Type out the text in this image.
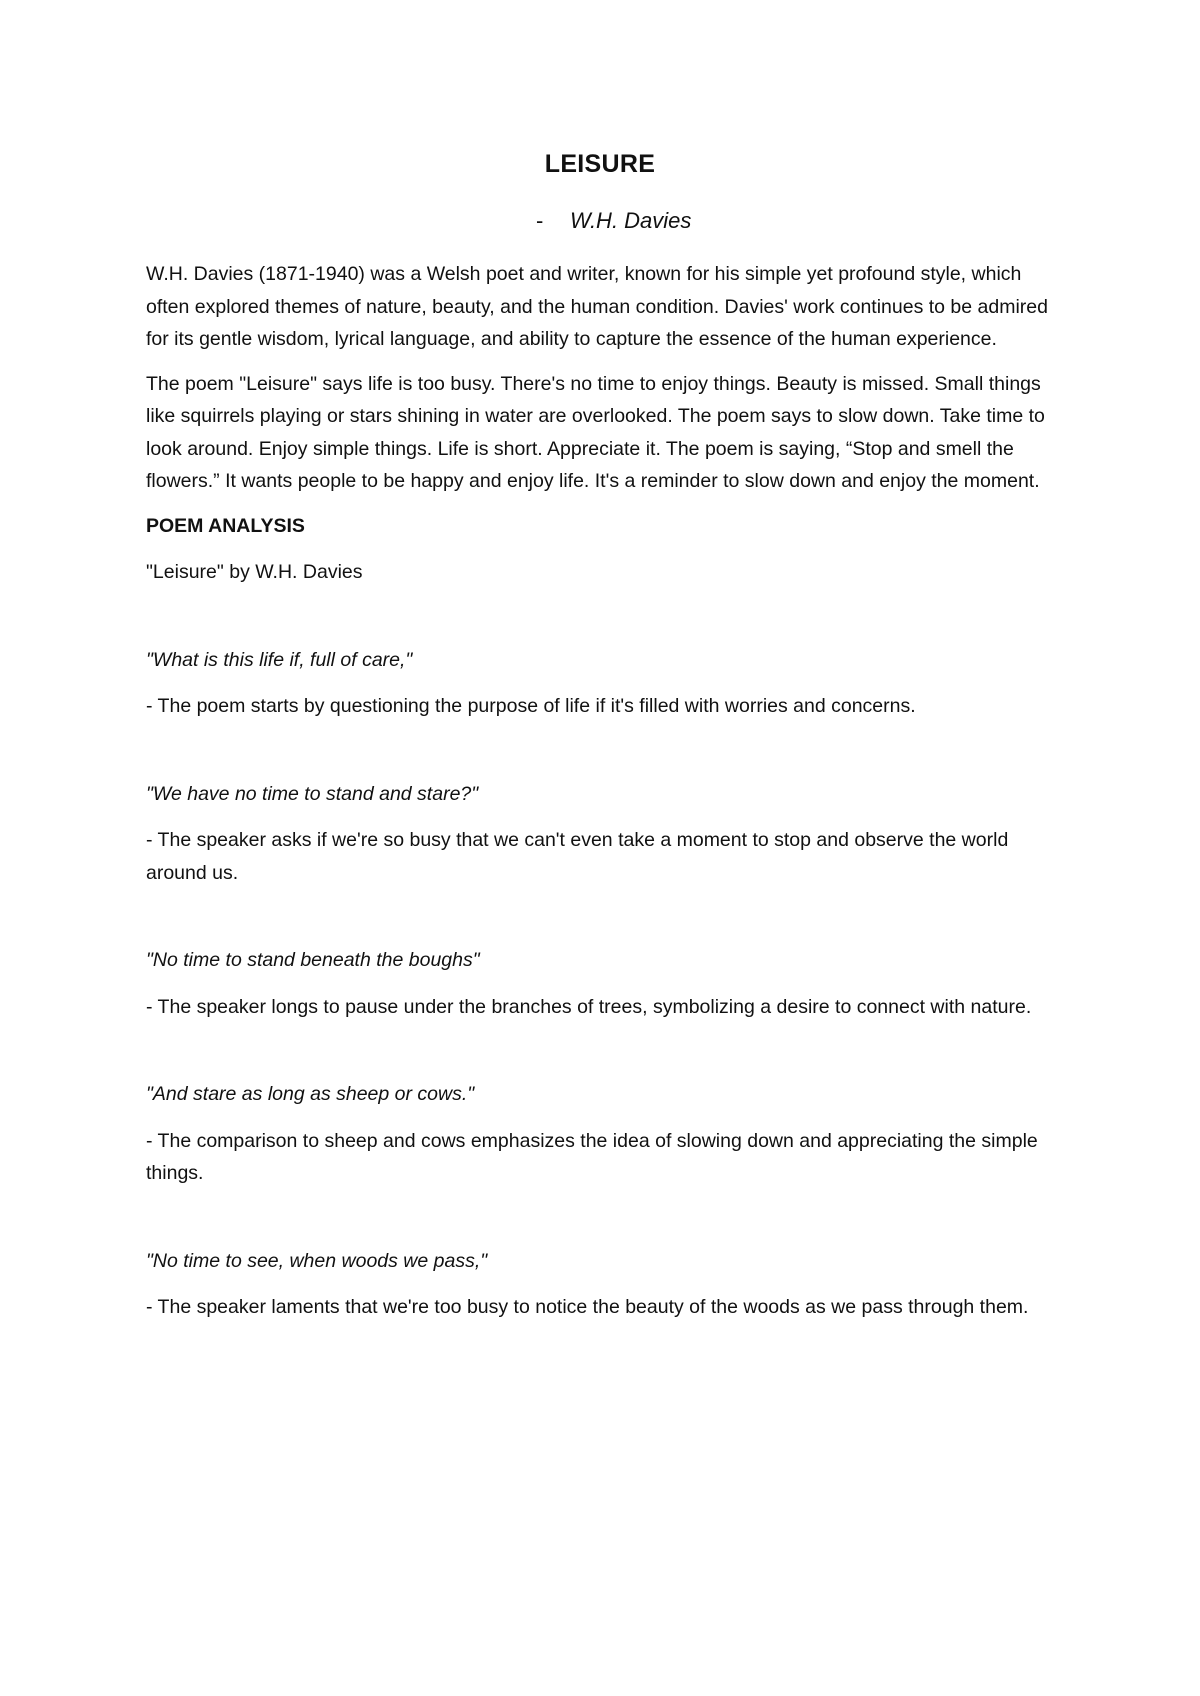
LEISURE
- W.H. Davies

W.H. Davies (1871-1940) was a Welsh poet and writer, known for his simple yet profound style, which often explored themes of nature, beauty, and the human condition. Davies' work continues to be admired for its gentle wisdom, lyrical language, and ability to capture the essence of the human experience.

The poem "Leisure" says life is too busy. There's no time to enjoy things. Beauty is missed. Small things like squirrels playing or stars shining in water are overlooked. The poem says to slow down. Take time to look around. Enjoy simple things. Life is short. Appreciate it. The poem is saying, “Stop and smell the flowers.” It wants people to be happy and enjoy life. It's a reminder to slow down and enjoy the moment.

POEM ANALYSIS

"Leisure" by W.H. Davies

"What is this life if, full of care,"

- The poem starts by questioning the purpose of life if it's filled with worries and concerns.

"We have no time to stand and stare?"

- The speaker asks if we're so busy that we can't even take a moment to stop and observe the world around us.

"No time to stand beneath the boughs"

- The speaker longs to pause under the branches of trees, symbolizing a desire to connect with nature.

"And stare as long as sheep or cows."

- The comparison to sheep and cows emphasizes the idea of slowing down and appreciating the simple things.

"No time to see, when woods we pass,"

- The speaker laments that we're too busy to notice the beauty of the woods as we pass through them.
